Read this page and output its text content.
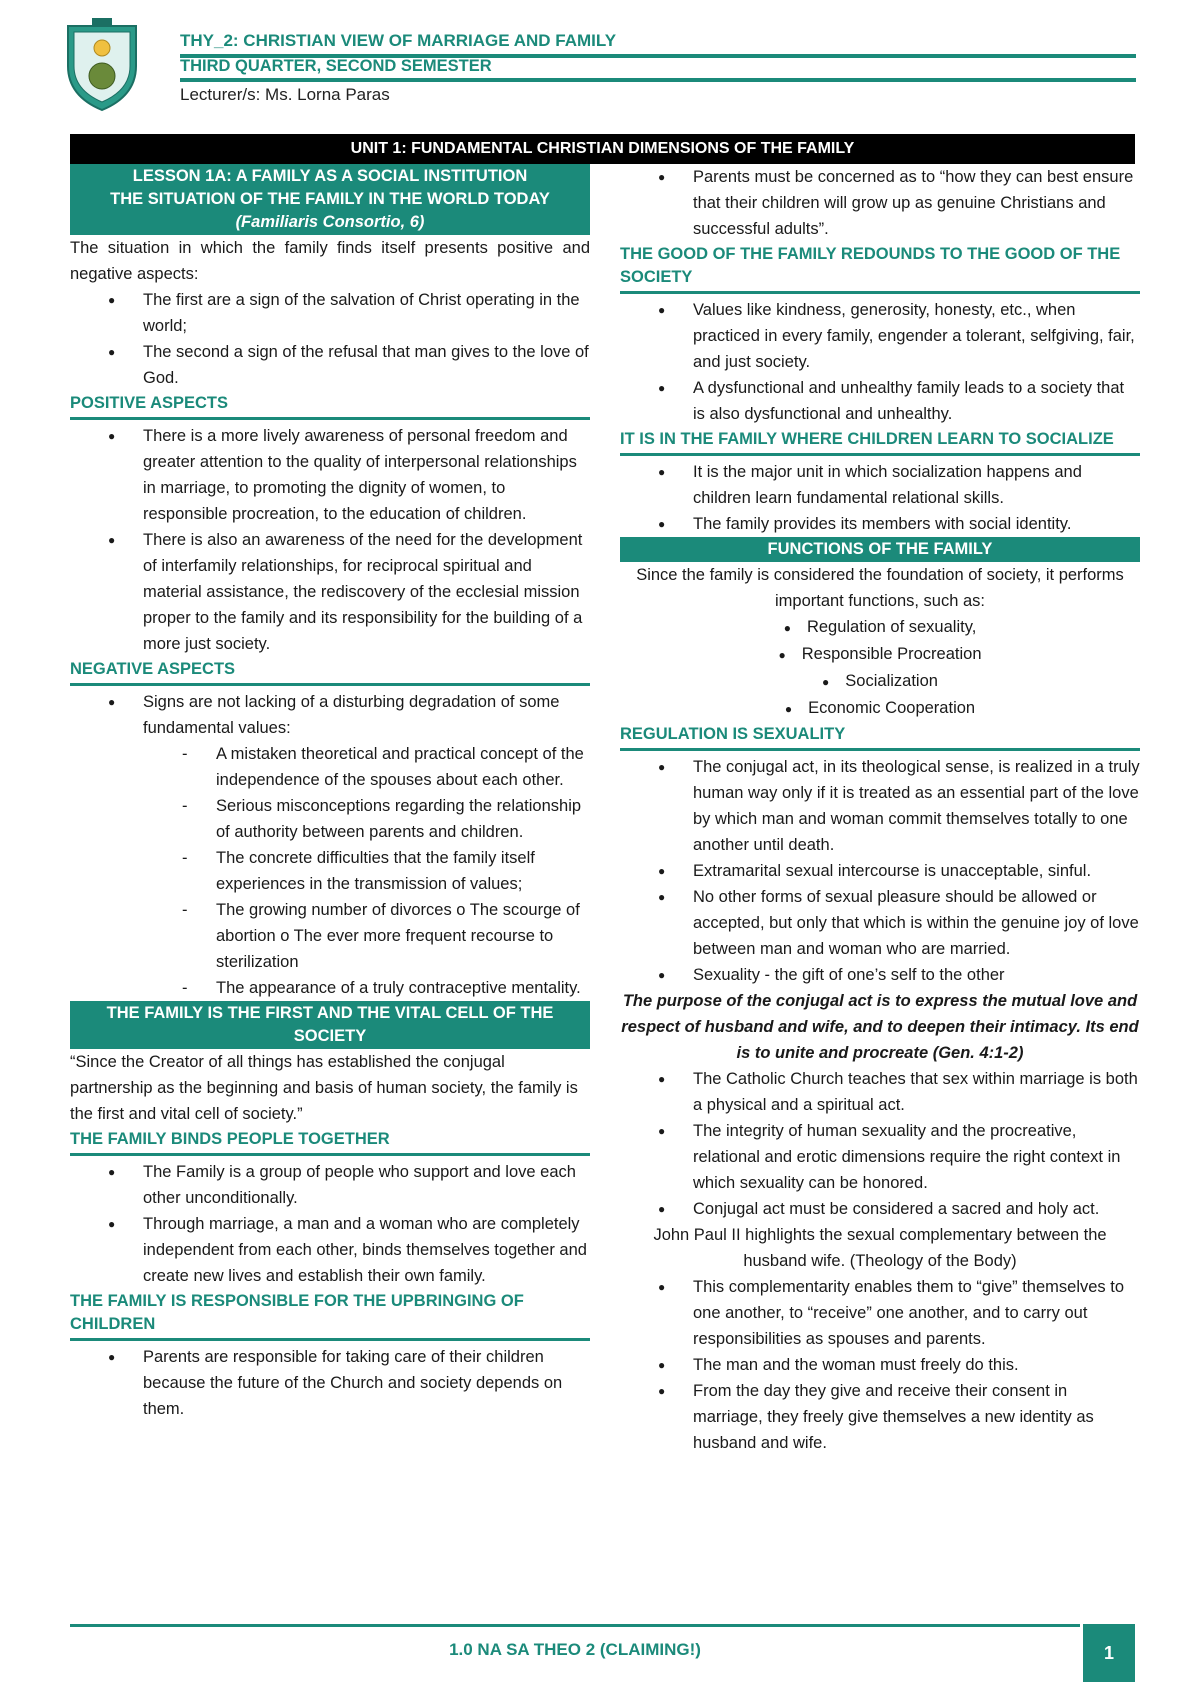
THY_2: CHRISTIAN VIEW OF MARRIAGE AND FAMILY
THIRD QUARTER, SECOND SEMESTER
Lecturer/s: Ms. Lorna Paras
UNIT 1: FUNDAMENTAL CHRISTIAN DIMENSIONS OF THE FAMILY
LESSON 1A: A FAMILY AS A SOCIAL INSTITUTION
THE SITUATION OF THE FAMILY IN THE WORLD TODAY
(Familiaris Consortio, 6)
The situation in which the family finds itself presents positive and negative aspects:
● The first are a sign of the salvation of Christ operating in the world;
● The second a sign of the refusal that man gives to the love of God.
POSITIVE ASPECTS
● There is a more lively awareness of personal freedom and greater attention to the quality of interpersonal relationships in marriage, to promoting the dignity of women, to responsible procreation, to the education of children.
● There is also an awareness of the need for the development of interfamily relationships, for reciprocal spiritual and material assistance, the rediscovery of the ecclesial mission proper to the family and its responsibility for the building of a more just society.
NEGATIVE ASPECTS
● Signs are not lacking of a disturbing degradation of some fundamental values:
- A mistaken theoretical and practical concept of the independence of the spouses about each other.
- Serious misconceptions regarding the relationship of authority between parents and children.
- The concrete difficulties that the family itself experiences in the transmission of values;
- The growing number of divorces o The scourge of abortion o The ever more frequent recourse to sterilization
- The appearance of a truly contraceptive mentality.
THE FAMILY IS THE FIRST AND THE VITAL CELL OF THE SOCIETY
“Since the Creator of all things has established the conjugal partnership as the beginning and basis of human society, the family is the first and vital cell of society.”
THE FAMILY BINDS PEOPLE TOGETHER
● The Family is a group of people who support and love each other unconditionally.
● Through marriage, a man and a woman who are completely independent from each other, binds themselves together and create new lives and establish their own family.
THE FAMILY IS RESPONSIBLE FOR THE UPBRINGING OF CHILDREN
● Parents are responsible for taking care of their children because the future of the Church and society depends on them.
● Parents must be concerned as to “how they can best ensure that their children will grow up as genuine Christians and successful adults”.
THE GOOD OF THE FAMILY REDOUNDS TO THE GOOD OF THE SOCIETY
● Values like kindness, generosity, honesty, etc., when practiced in every family, engender a tolerant, selfgiving, fair, and just society.
● A dysfunctional and unhealthy family leads to a society that is also dysfunctional and unhealthy.
IT IS IN THE FAMILY WHERE CHILDREN LEARN TO SOCIALIZE
● It is the major unit in which socialization happens and children learn fundamental relational skills.
● The family provides its members with social identity.
FUNCTIONS OF THE FAMILY
Since the family is considered the foundation of society, it performs important functions, such as:
● Regulation of sexuality,
● Responsible Procreation
● Socialization
● Economic Cooperation
REGULATION IS SEXUALITY
● The conjugal act, in its theological sense, is realized in a truly human way only if it is treated as an essential part of the love by which man and woman commit themselves totally to one another until death.
● Extramarital sexual intercourse is unacceptable, sinful.
● No other forms of sexual pleasure should be allowed or accepted, but only that which is within the genuine joy of love between man and woman who are married.
● Sexuality - the gift of one’s self to the other
The purpose of the conjugal act is to express the mutual love and respect of husband and wife, and to deepen their intimacy. Its end is to unite and procreate (Gen. 4:1-2)
● The Catholic Church teaches that sex within marriage is both a physical and a spiritual act.
● The integrity of human sexuality and the procreative, relational and erotic dimensions require the right context in which sexuality can be honored.
● Conjugal act must be considered a sacred and holy act.
John Paul II highlights the sexual complementary between the husband wife. (Theology of the Body)
● This complementarity enables them to “give” themselves to one another, to “receive” one another, and to carry out responsibilities as spouses and parents.
● The man and the woman must freely do this.
● From the day they give and receive their consent in marriage, they freely give themselves a new identity as husband and wife.
1.0 NA SA THEO 2 (CLAIMING!)	1
